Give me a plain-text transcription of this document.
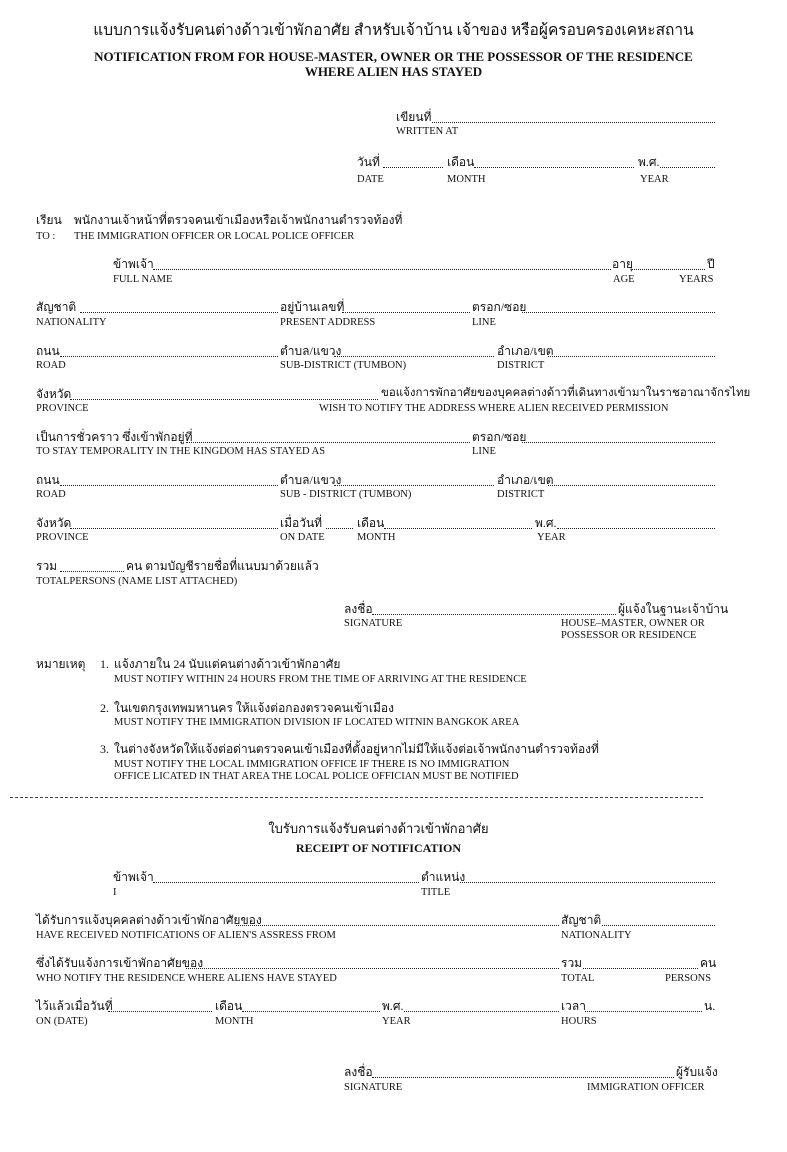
แบบการแจ้งรับคนต่างด้าวเข้าพักอาศัย สำหรับเจ้าบ้าน เจ้าของ หรือผู้ครอบครองเคหะสถาน
NOTIFICATION FROM FOR HOUSE-MASTER, OWNER OR THE POSSESSOR OF THE RESIDENCE
WHERE ALIEN HAS STAYED
เขียนที่
WRITTEN AT
วันที่	เดือน	พ.ศ.
DATE	MONTH	YEAR
เรียน พนักงานเจ้าหน้าที่ตรวจคนเข้าเมืองหรือเจ้าพนักงานตำรวจท้องที่
TO : THE IMMIGRATION OFFICER OR LOCAL POLICE OFFICER
ข้าพเจ้า	อายุ	ปี
FULL NAME	AGE	YEARS
สัญชาติ	อยู่บ้านเลขที่	ตรอก/ซอย
NATIONALITY	PRESENT ADDRESS	LINE
ถนน	ตำบล/แขวง	อำเภอ/เขต
ROAD	SUB-DISTRICT (TUMBON)	DISTRICT
จังหวัด	ขอแจ้งการพักอาศัยของบุคคลต่างด้าวที่เดินทางเข้ามาในราชอาณาจักรไทย
PROVINCE	WISH TO NOTIFY THE ADDRESS WHERE ALIEN RECEIVED PERMISSION
เป็นการชั่วคราว ซึ่งเข้าพักอยู่ที่	ตรอก/ซอย
TO STAY TEMPORALITY IN THE KINGDOM HAS STAYED AS	LINE
ถนน	ตำบล/แขวง	อำเภอ/เขต
ROAD	SUB - DISTRICT (TUMBON)	DISTRICT
จังหวัด	เมื่อวันที่	เดือน	พ.ศ.
PROVINCE	ON DATE	MONTH	YEAR
รวม	คน ตามบัญชีรายชื่อที่แนบมาด้วยแล้ว
TOTALPERSONS (NAME LIST ATTACHED)
ลงชื่อ	ผู้แจ้งในฐานะเจ้าบ้าน
SIGNATURE	HOUSE–MASTER, OWNER OR
POSSESSOR OR RESIDENCE
หมายเหตุ 1. แจ้งภายใน 24 นับแต่คนต่างด้าวเข้าพักอาศัย
MUST NOTIFY WITHIN 24 HOURS FROM THE TIME OF ARRIVING AT THE RESIDENCE
2. ในเขตกรุงเทพมหานคร ให้แจ้งต่อกองตรวจคนเข้าเมือง
MUST NOTIFY THE IMMIGRATION DIVISION IF LOCATED WITNIN BANGKOK AREA
3. ในต่างจังหวัดให้แจ้งต่อด่านตรวจคนเข้าเมืองที่ตั้งอยู่หากไม่มีให้แจ้งต่อเจ้าพนักงานตำรวจท้องที่
MUST NOTIFY THE LOCAL IMMIGRATION OFFICE IF THERE IS NO IMMIGRATION
OFFICE LICATED IN THAT AREA THE LOCAL POLICE OFFICIAN MUST BE NOTIFIED
ใบรับการแจ้งรับคนต่างด้าวเข้าพักอาศัย
RECEIPT OF NOTIFICATION
ข้าพเจ้า	ตำแหน่ง
I	TITLE
ได้รับการแจ้งบุคคลต่างด้าวเข้าพักอาศัยของ	สัญชาติ
HAVE RECEIVED NOTIFICATIONS OF ALIEN'S ASSRESS FROM	NATIONALITY
ซึ่งได้รับแจ้งการเข้าพักอาศัยของ	รวม	คน
WHO NOTIFY THE RESIDENCE WHERE ALIENS HAVE STAYED	TOTAL	PERSONS
ไว้แล้วเมื่อวันที่	เดือน	พ.ศ.	เวลา	น.
ON (DATE)	MONTH	YEAR	HOURS
ลงชื่อ	ผู้รับแจ้ง
SIGNATURE	IMMIGRATION OFFICER
